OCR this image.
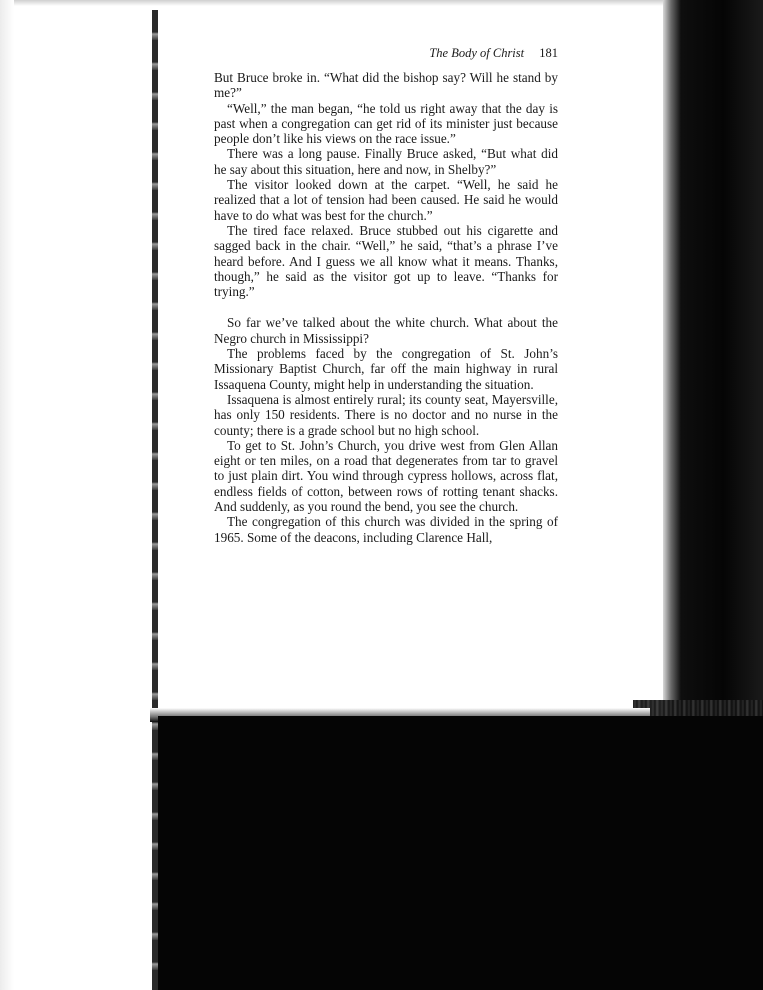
The Body of Christ 181

But Bruce broke in. “What did the bishop say? Will he stand by me?”

“Well,” the man began, “he told us right away that the day is past when a congregation can get rid of its minister just because people don’t like his views on the race issue.”

There was a long pause. Finally Bruce asked, “But what did he say about this situation, here and now, in Shelby?”

The visitor looked down at the carpet. “Well, he said he realized that a lot of tension had been caused. He said he would have to do what was best for the church.”

The tired face relaxed. Bruce stubbed out his cigarette and sagged back in the chair. “Well,” he said, “that’s a phrase I’ve heard before. And I guess we all know what it means. Thanks, though,” he said as the visitor got up to leave. “Thanks for trying.”

So far we’ve talked about the white church. What about the Negro church in Mississippi?

The problems faced by the congregation of St. John’s Missionary Baptist Church, far off the main highway in rural Issaquena County, might help in understanding the situation.

Issaquena is almost entirely rural; its county seat, Mayersville, has only 150 residents. There is no doctor and no nurse in the county; there is a grade school but no high school.

To get to St. John’s Church, you drive west from Glen Allan eight or ten miles, on a road that degenerates from tar to gravel to just plain dirt. You wind through cypress hollows, across flat, endless fields of cotton, between rows of rotting tenant shacks. And suddenly, as you round the bend, you see the church.

The congregation of this church was divided in the spring of 1965. Some of the deacons, including Clarence Hall,
